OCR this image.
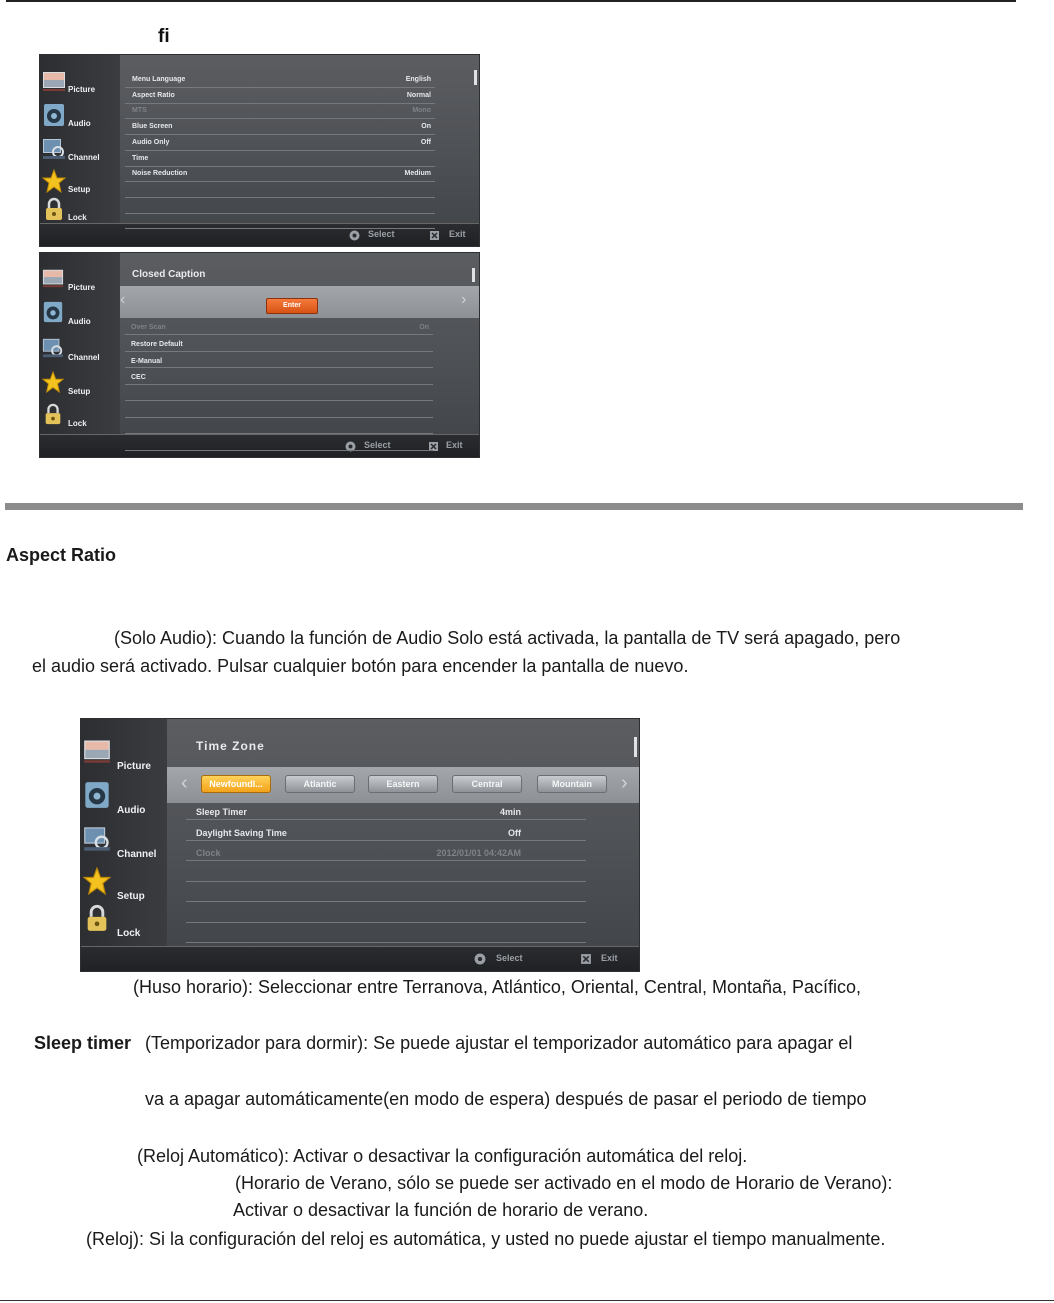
fi
Picture
Audio
Channel
Setup
Lock
Select	Exit
Menu Language	English
Aspect Ratio	Normal
MTS	Mono
Blue Screen	On
Audio Only	Off
Time
Noise Reduction	Medium
Picture
Audio
Channel
Setup
Lock
Closed Caption
‹	›
Enter
Select	Exit
Over Scan	On
Restore Default
E-Manual
CEC
Aspect Ratio
(Solo Audio): Cuando la función de Audio Solo está activada, la pantalla de TV será apagado, pero
el audio será activado. Pulsar cualquier botón para encender la pantalla de nuevo.
Picture
Audio
Channel
Setup
Lock
Time Zone
‹	›
Select	Exit
Sleep Timer	4min
Daylight Saving Time	Off
Clock	2012/01/01 04:42AM
Newfoundl...	Atlantic	Eastern	Central	Mountain
(Huso horario): Seleccionar entre Terranova, Atlántico, Oriental, Central, Montaña, Pacífico,
Sleep timer (Temporizador para dormir): Se puede ajustar el temporizador automático para apagar el
va a apagar automáticamente(en modo de espera) después de pasar el periodo de tiempo
(Reloj Automático): Activar o desactivar la configuración automática del reloj.
(Horario de Verano, sólo se puede ser activado en el modo de Horario de Verano):
Activar o desactivar la función de horario de verano.
(Reloj): Si la configuración del reloj es automática, y usted no puede ajustar el tiempo manualmente.
